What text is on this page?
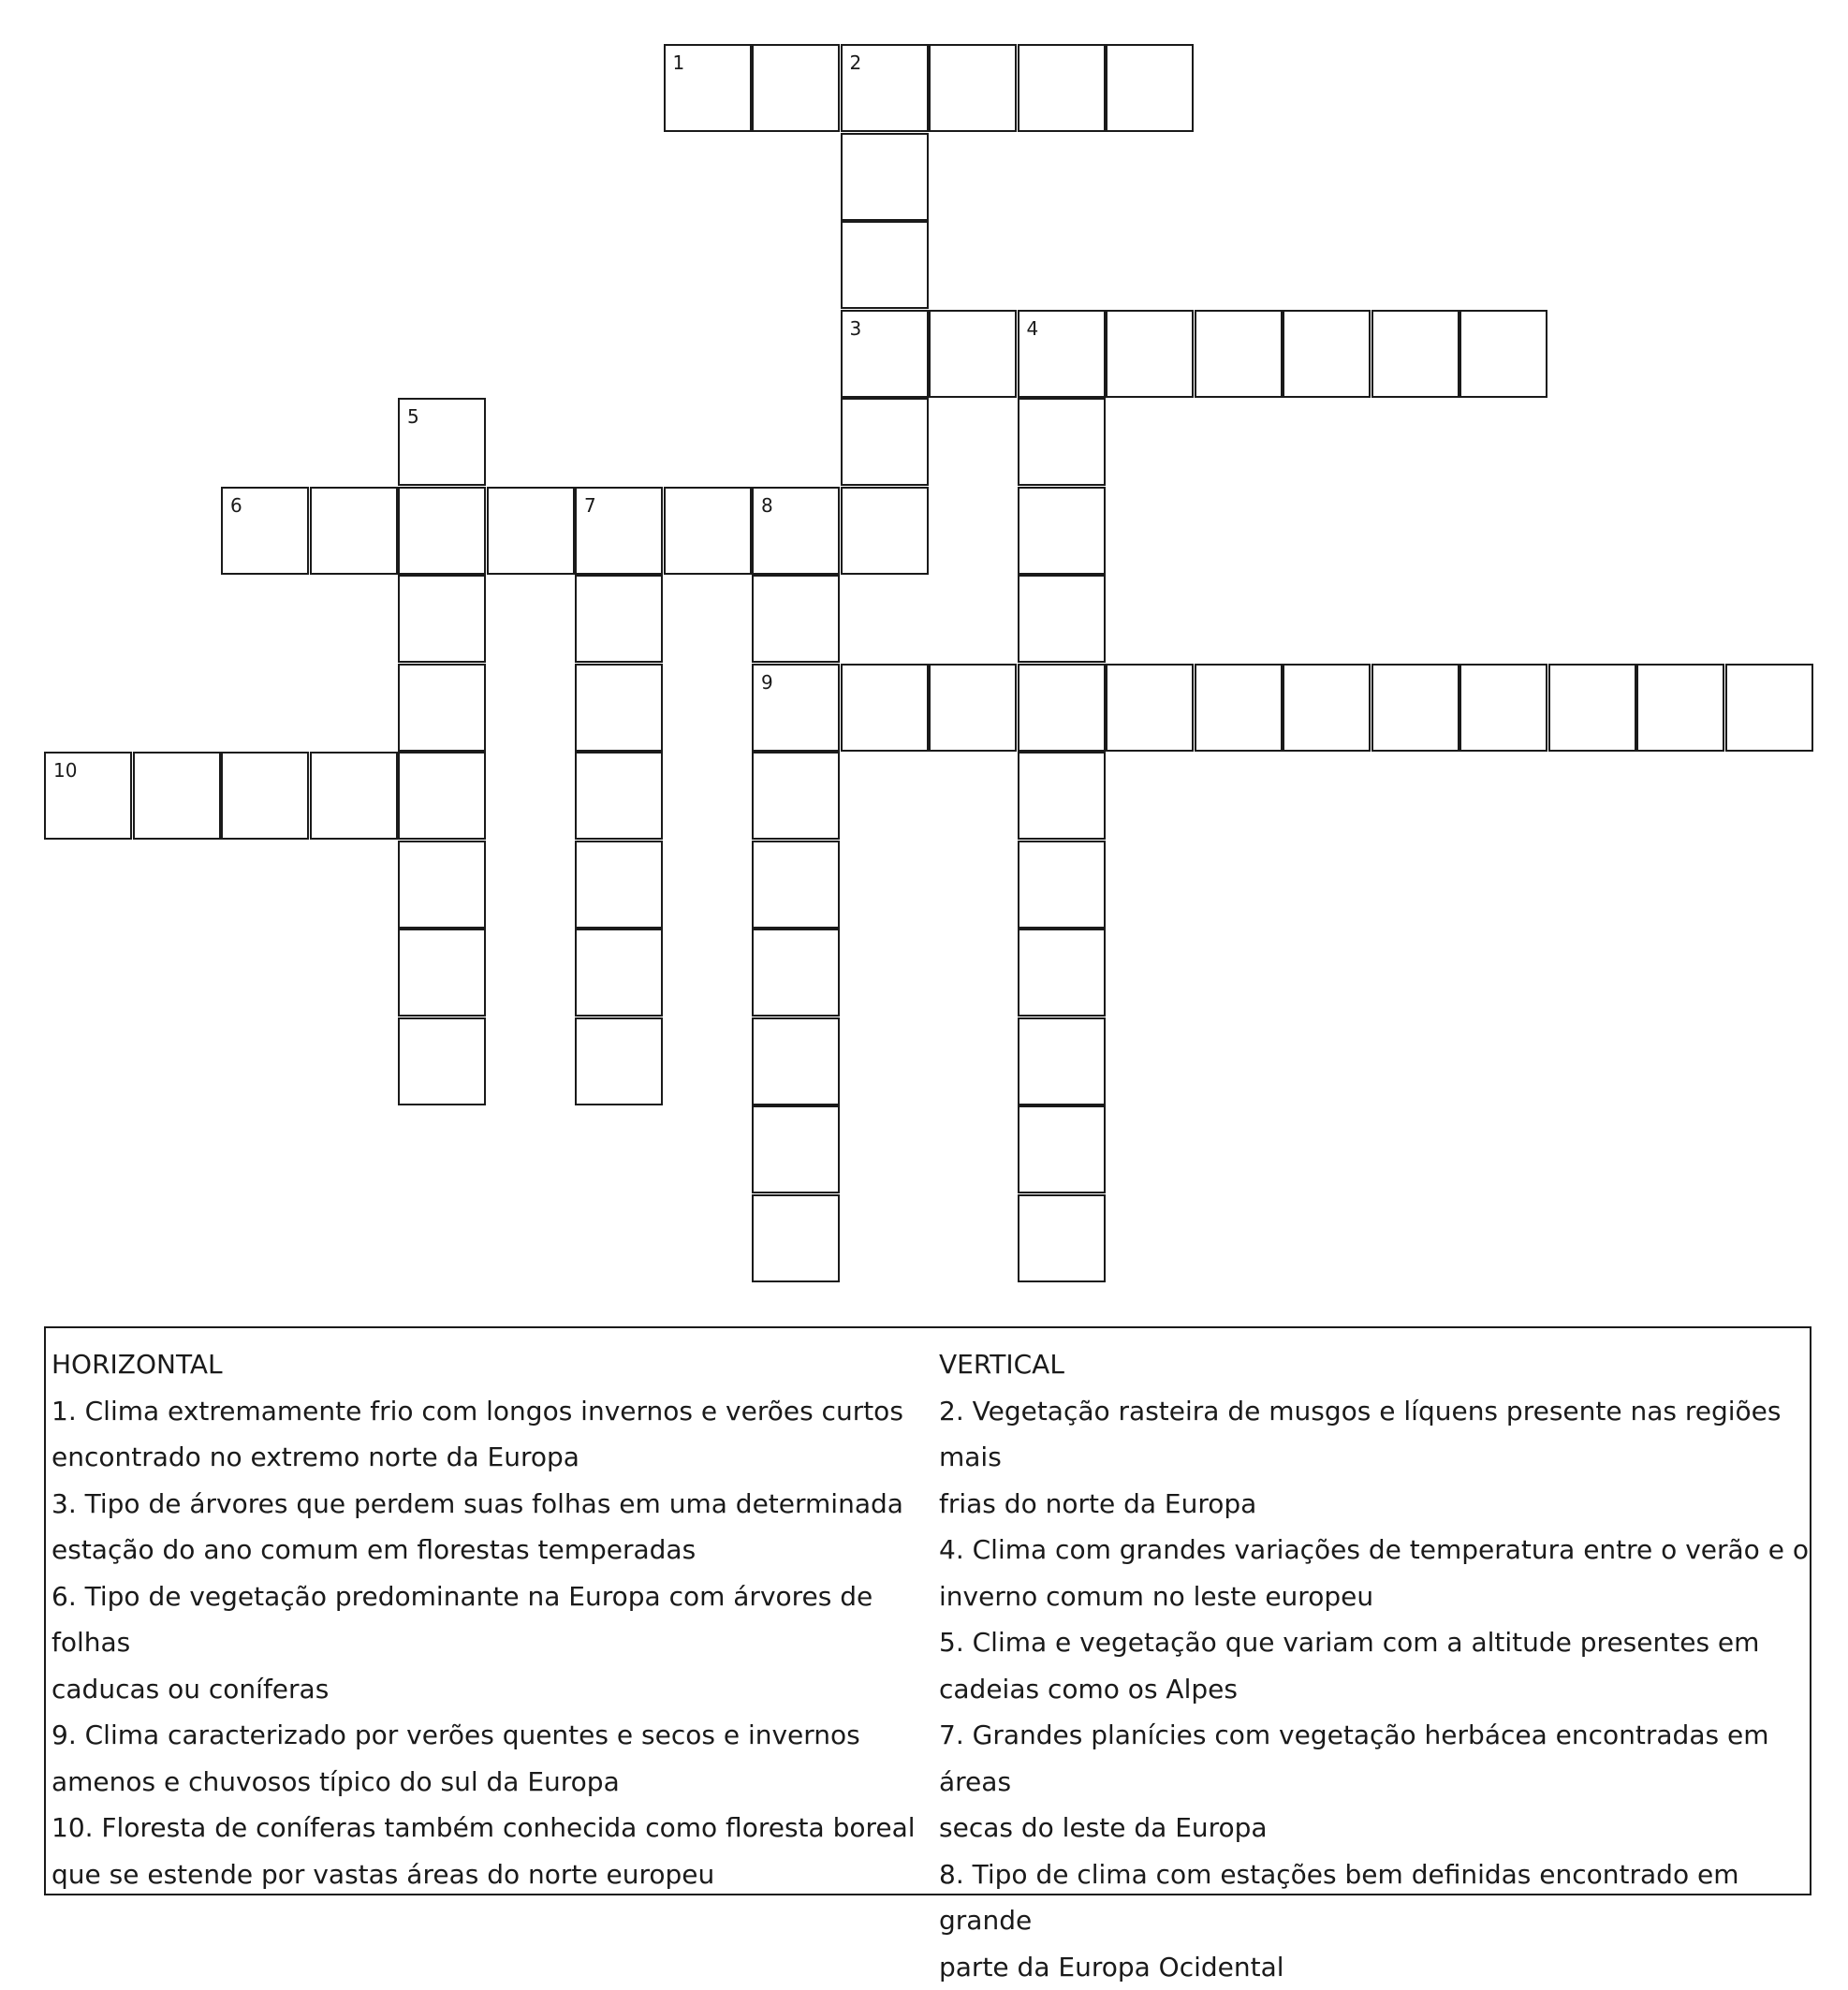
1	2
3	4
5
6	7	8
9
10
HORIZONTAL
1. Clima extremamente frio com longos invernos e verões curtos
encontrado no extremo norte da Europa
3. Tipo de árvores que perdem suas folhas em uma determinada
estação do ano comum em florestas temperadas
6. Tipo de vegetação predominante na Europa com árvores de folhas
caducas ou coníferas
9. Clima caracterizado por verões quentes e secos e invernos
amenos e chuvosos típico do sul da Europa
10. Floresta de coníferas também conhecida como floresta boreal
que se estende por vastas áreas do norte europeu
VERTICAL
2. Vegetação rasteira de musgos e líquens presente nas regiões mais
frias do norte da Europa
4. Clima com grandes variações de temperatura entre o verão e o
inverno comum no leste europeu
5. Clima e vegetação que variam com a altitude presentes em
cadeias como os Alpes
7. Grandes planícies com vegetação herbácea encontradas em áreas
secas do leste da Europa
8. Tipo de clima com estações bem definidas encontrado em grande
parte da Europa Ocidental
